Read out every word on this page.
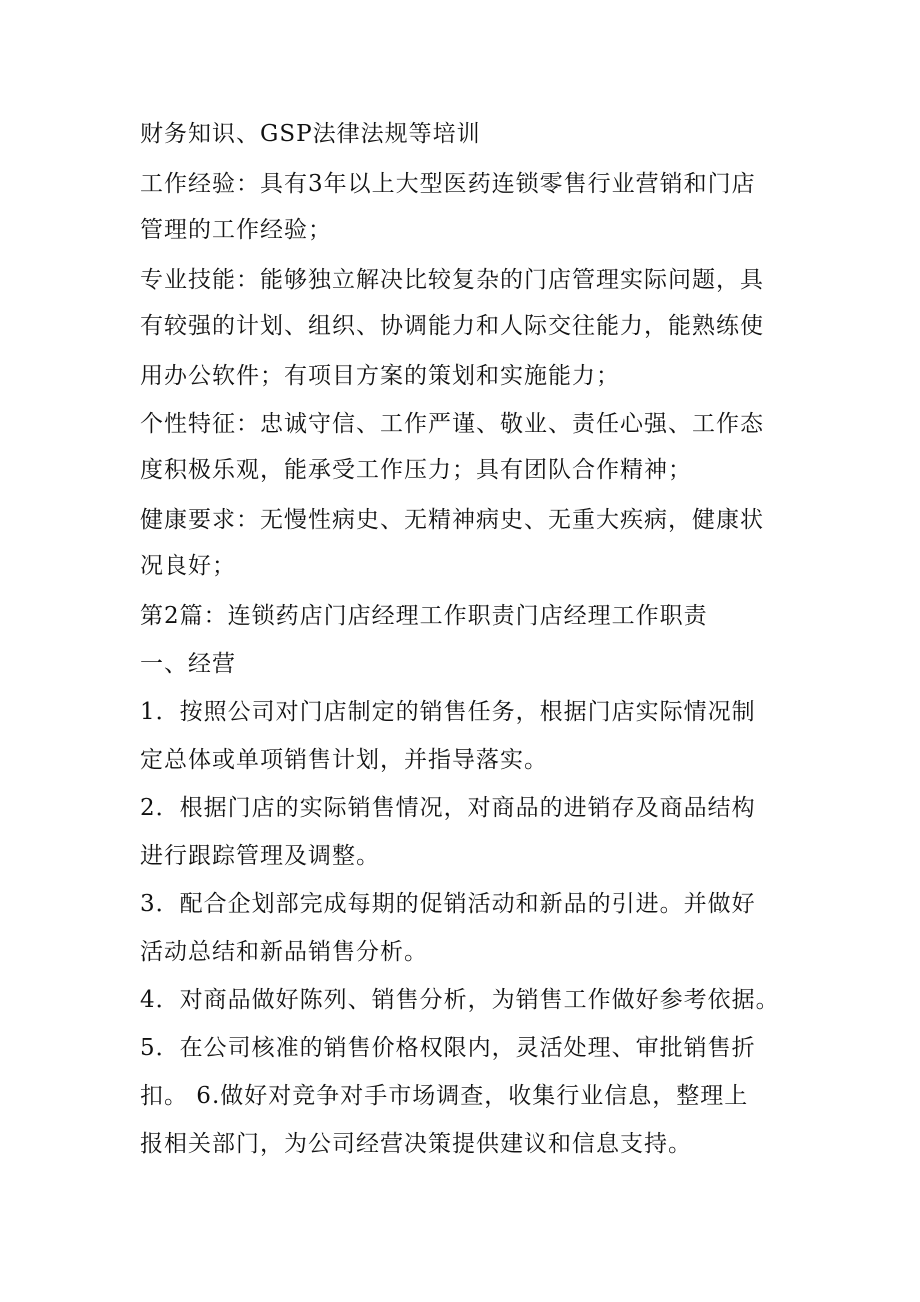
财务知识、GSP法律法规等培训

工作经验：具有3年以上大型医药连锁零售行业营销和门店

管理的工作经验；

专业技能：能够独立解决比较复杂的门店管理实际问题，具

有较强的计划、组织、协调能力和人际交往能力，能熟练使

用办公软件；有项目方案的策划和实施能力；

个性特征：忠诚守信、工作严谨、敬业、责任心强、工作态

度积极乐观，能承受工作压力；具有团队合作精神；

健康要求：无慢性病史、无精神病史、无重大疾病，健康状

况良好；

第2篇：连锁药店门店经理工作职责门店经理工作职责

一、经营

1．按照公司对门店制定的销售任务，根据门店实际情况制

定总体或单项销售计划，并指导落实。

2．根据门店的实际销售情况，对商品的进销存及商品结构

进行跟踪管理及调整。

3．配合企划部完成每期的促销活动和新品的引进。并做好

活动总结和新品销售分析。

4．对商品做好陈列、销售分析，为销售工作做好参考依据。

5．在公司核准的销售价格权限内，灵活处理、审批销售折

扣。 6.做好对竞争对手市场调查，收集行业信息，整理上

报相关部门，为公司经营决策提供建议和信息支持。
